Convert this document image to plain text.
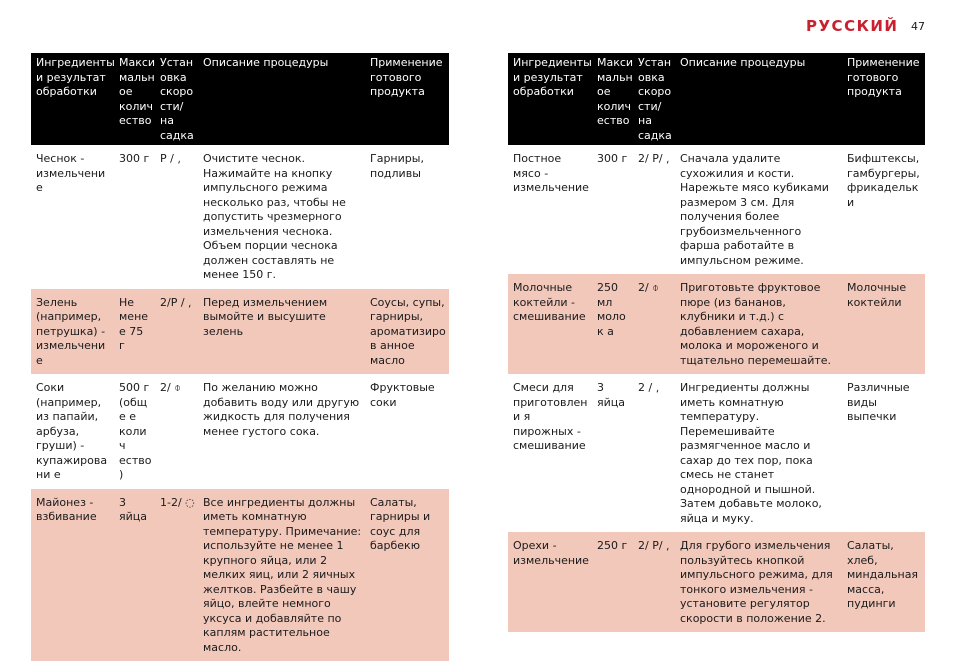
РУССКИЙ 47
Ингредиенты и результат обработки	Макси мальн ое колич ество	Устан овка скоро сти/на садка	Описание процедуры	Применение готового продукта
Чеснок - измельчение	300 г	P / ⸲	Очистите чеснок. Нажимайте на кнопку импульсного режима несколько раз, чтобы не допустить чрезмерного измельчения чеснока. Объем порции чеснока должен составлять не менее 150 г.	Гарниры, подливы
Зелень (например, петрушка) - измельчение	Не менее 75 г	2/P / ⸲	Перед измельчением вымойте и высушите зелень	Соусы, супы, гарниры, ароматизиров анное масло
Соки (например, из папайи, арбуза, груши) - купажировани е	500 г (обще е колич ество )	2/ ⌽	По желанию можно добавить воду или другую жидкость для получения менее густого сока.	Фруктовые соки
Майонез - взбивание	3 яйца	1-2/ ◌	Все ингредиенты должны иметь комнатную температуру. Примечание: используйте не менее 1 крупного яйца, или 2 мелких яиц, или 2 яичных желтков. Разбейте в чашу яйцо, влейте немного уксуса и добавляйте по каплям растительное масло.	Салаты, гарниры и соус для барбекю
Ингредиенты и результат обработки	Макси мальн ое колич ество	Устан овка скоро сти/на садка	Описание процедуры	Применение готового продукта
Постное мясо - измельчение	300 г	2/ P/ ⸲	Сначала удалите сухожилия и кости. Нарежьте мясо кубиками размером 3 см. Для получения более грубоизмельченного фарша работайте в импульсном режиме.	Бифштексы, гамбургеры, фрикадельки
Молочные коктейли - смешивание	250 мл молок а	2/ ⌽	Приготовьте фруктовое пюре (из бананов, клубники и т.д.) с добавлением сахара, молока и мороженого и тщательно перемешайте.	Молочные коктейли
Смеси для приготовлени я пирожных - смешивание	3 яйца	2 / ⸲	Ингредиенты должны иметь комнатную температуру. Перемешивайте размягченное масло и сахар до тех пор, пока смесь не станет однородной и пышной. Затем добавьте молоко, яйца и муку.	Различные виды выпечки
Орехи - измельчение	250 г	2/ P/ ⸲	Для грубого измельчения пользуйтесь кнопкой импульсного режима, для тонкого измельчения - установите регулятор скорости в положение 2.	Салаты, хлеб, миндальная масса, пудинги
